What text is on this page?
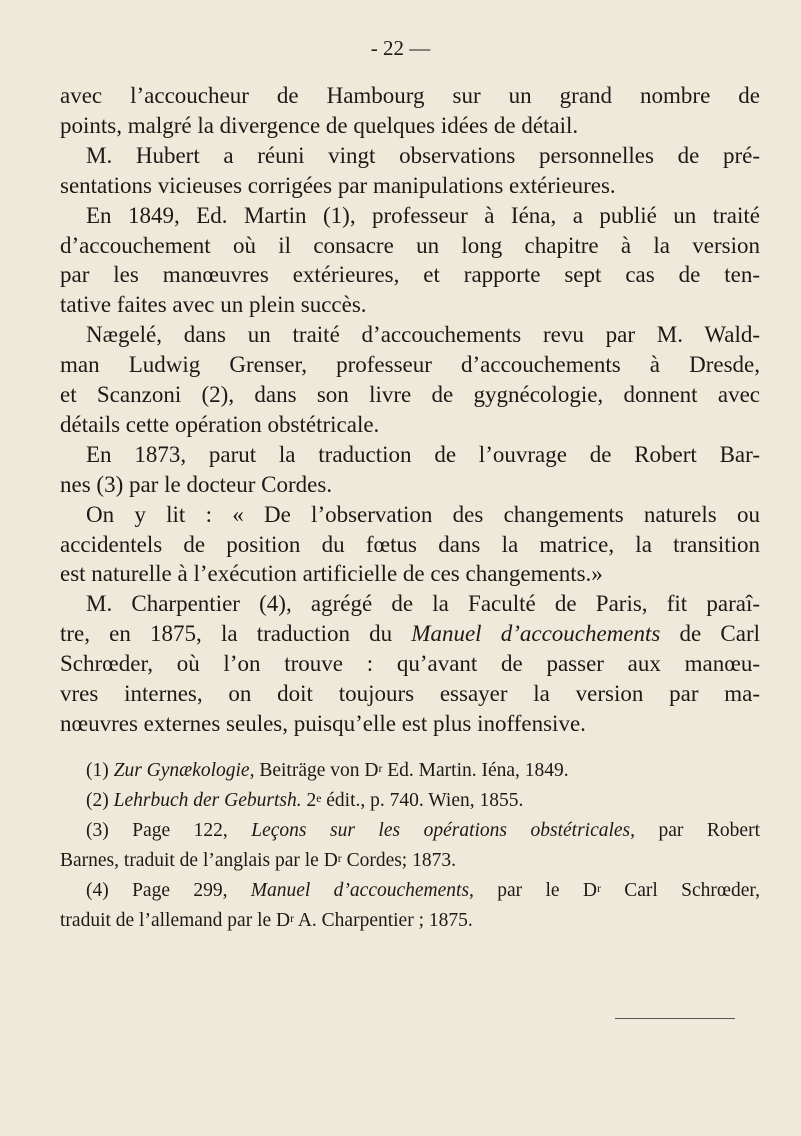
- 22 —
avec l’accoucheur de Hambourg sur un grand nombre de
points, malgré la divergence de quelques idées de détail.
M. Hubert a réuni vingt observations personnelles de pré-
sentations vicieuses corrigées par manipulations extérieures.
En 1849, Ed. Martin (1), professeur à Iéna, a publié un traité
d’accouchement où il consacre un long chapitre à la version
par les manœuvres extérieures, et rapporte sept cas de ten-
tative faites avec un plein succès.
Nægelé, dans un traité d’accouchements revu par M. Wald-
man Ludwig Grenser, professeur d’accouchements à Dresde,
et Scanzoni (2), dans son livre de gygnécologie, donnent avec
détails cette opération obstétricale.
En 1873, parut la traduction de l’ouvrage de Robert Bar-
nes (3) par le docteur Cordes.
On y lit : « De l’observation des changements naturels ou
accidentels de position du fœtus dans la matrice, la transition
est naturelle à l’exécution artificielle de ces changements.»
M. Charpentier (4), agrégé de la Faculté de Paris, fit paraî-
tre, en 1875, la traduction du Manuel d’accouchements de Carl
Schrœder, où l’on trouve : qu’avant de passer aux manœu-
vres internes, on doit toujours essayer la version par ma-
nœuvres externes seules, puisqu’elle est plus inoffensive.
(1) Zur Gynækologie, Beiträge von $D^r$ Ed. Martin. Iéna, 1849.
(2) Lehrbuch der Geburtsh. 2e édit., p. 740. Wien, 1855.
(3) Page 122, Leçons sur les opérations obstétricales, par Robert
Barnes, traduit de l’anglais par le $D^r$ Cordes; 1873.
(4) Page 299, Manuel d’accouchements, par le $D^r$ Carl Schrœder,
traduit de l’allemand par le $D^r$ A. Charpentier ; 1875.
